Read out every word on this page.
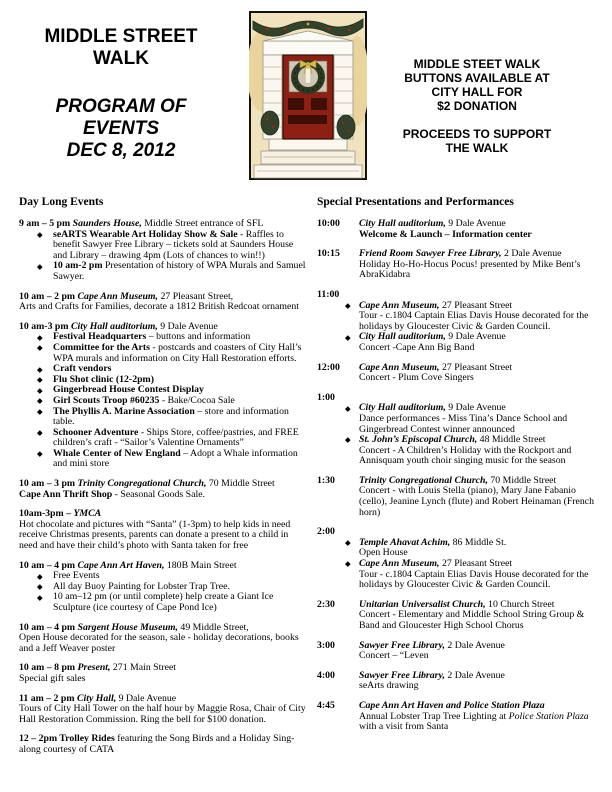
MIDDLE STREET
WALK
PROGRAM OF
EVENTS
DEC 8, 2012
MIDDLE STEET WALK
BUTTONS AVAILABLE AT
CITY HALL FOR
$2 DONATION
PROCEEDS TO SUPPORT
THE WALK
Day Long Events
9 am – 5 pm Saunders House, Middle Street entrance of SFL
seARTS Wearable Art Holiday Show & Sale - Raffles to benefit Sawyer Free Library – tickets sold at Saunders House and Library – drawing 4pm (Lots of chances to win!!)
10 am-2 pm Presentation of history of WPA Murals and Samuel Sawyer.
10 am – 2 pm Cape Ann Museum, 27 Pleasant Street,
Arts and Crafts for Families, decorate a 1812 British Redcoat ornament
10 am-3 pm City Hall auditorium, 9 Dale Avenue
Festival Headquarters – buttons and information
Committee for the Arts - postcards and coasters of City Hall’s WPA murals and information on City Hall Restoration efforts.
Craft vendors
Flu Shot clinic (12-2pm)
Gingerbread House Contest Display
Girl Scouts Troop #60235 - Bake/Cocoa Sale
The Phyllis A. Marine Association – store and information table.
Schooner Adventure - Ships Store, coffee/pastries, and FREE children’s craft - “Sailor’s Valentine Ornaments”
Whale Center of New England – Adopt a Whale information and mini store
10 am – 3 pm Trinity Congregational Church, 70 Middle Street
Cape Ann Thrift Shop - Seasonal Goods Sale.
10am-3pm – YMCA
Hot chocolate and pictures with “Santa” (1-3pm) to help kids in need receive Christmas presents, parents can donate a present to a child in need and have their child’s photo with Santa taken for free
10 am – 4 pm Cape Ann Art Haven, 180B Main Street
Free Events
All day Buoy Painting for Lobster Trap Tree.
10 am–12 pm (or until complete) help create a Giant Ice Sculpture (ice courtesy of Cape Pond Ice)
10 am – 4 pm Sargent House Museum, 49 Middle Street,
Open House decorated for the season, sale - holiday decorations, books and a Jeff Weaver poster
10 am – 8 pm Present, 271 Main Street
Special gift sales
11 am – 2 pm City Hall, 9 Dale Avenue
Tours of City Hall Tower on the half hour by Maggie Rosa, Chair of City Hall Restoration Commission. Ring the bell for $100 donation.
12 – 2pm Trolley Rides featuring the Song Birds and a Holiday Sing-along courtesy of CATA
Special Presentations and Performances
10:00 City Hall auditorium, 9 Dale Avenue
Welcome & Launch – Information center
10:15 Friend Room Sawyer Free Library, 2 Dale Avenue
Holiday Ho-Ho-Hocus Pocus! presented by Mike Bent’s AbraKidabra
11:00
Cape Ann Museum, 27 Pleasant Street
Tour - c.1804 Captain Elias Davis House decorated for the holidays by Gloucester Civic & Garden Council.
City Hall auditorium, 9 Dale Avenue
Concert -Cape Ann Big Band
12:00 Cape Ann Museum, 27 Pleasant Street
Concert - Plum Cove Singers
1:00
City Hall auditorium, 9 Dale Avenue
Dance performances - Miss Tina’s Dance School and Gingerbread Contest winner announced
St. John’s Episcopal Church, 48 Middle Street
Concert - A Children’s Holiday with the Rockport and Annisquam youth choir singing music for the season
1:30 Trinity Congregational Church, 70 Middle Street
Concert - with Louis Stella (piano), Mary Jane Fabanio (cello), Jeanine Lynch (flute) and Robert Heinaman (French horn)
2:00
Temple Ahavat Achim, 86 Middle St.
Open House
Cape Ann Museum, 27 Pleasant Street
Tour - c.1804 Captain Elias Davis House decorated for the holidays by Gloucester Civic & Garden Council.
2:30 Unitarian Universalist Church, 10 Church Street
Concert - Elementary and Middle School String Group & Band and Gloucester High School Chorus
3:00 Sawyer Free Library, 2 Dale Avenue
Concert – “Leven
4:00 Sawyer Free Library, 2 Dale Avenue
seArts drawing
4:45 Cape Ann Art Haven and Police Station Plaza
Annual Lobster Trap Tree Lighting at Police Station Plaza with a visit from Santa
